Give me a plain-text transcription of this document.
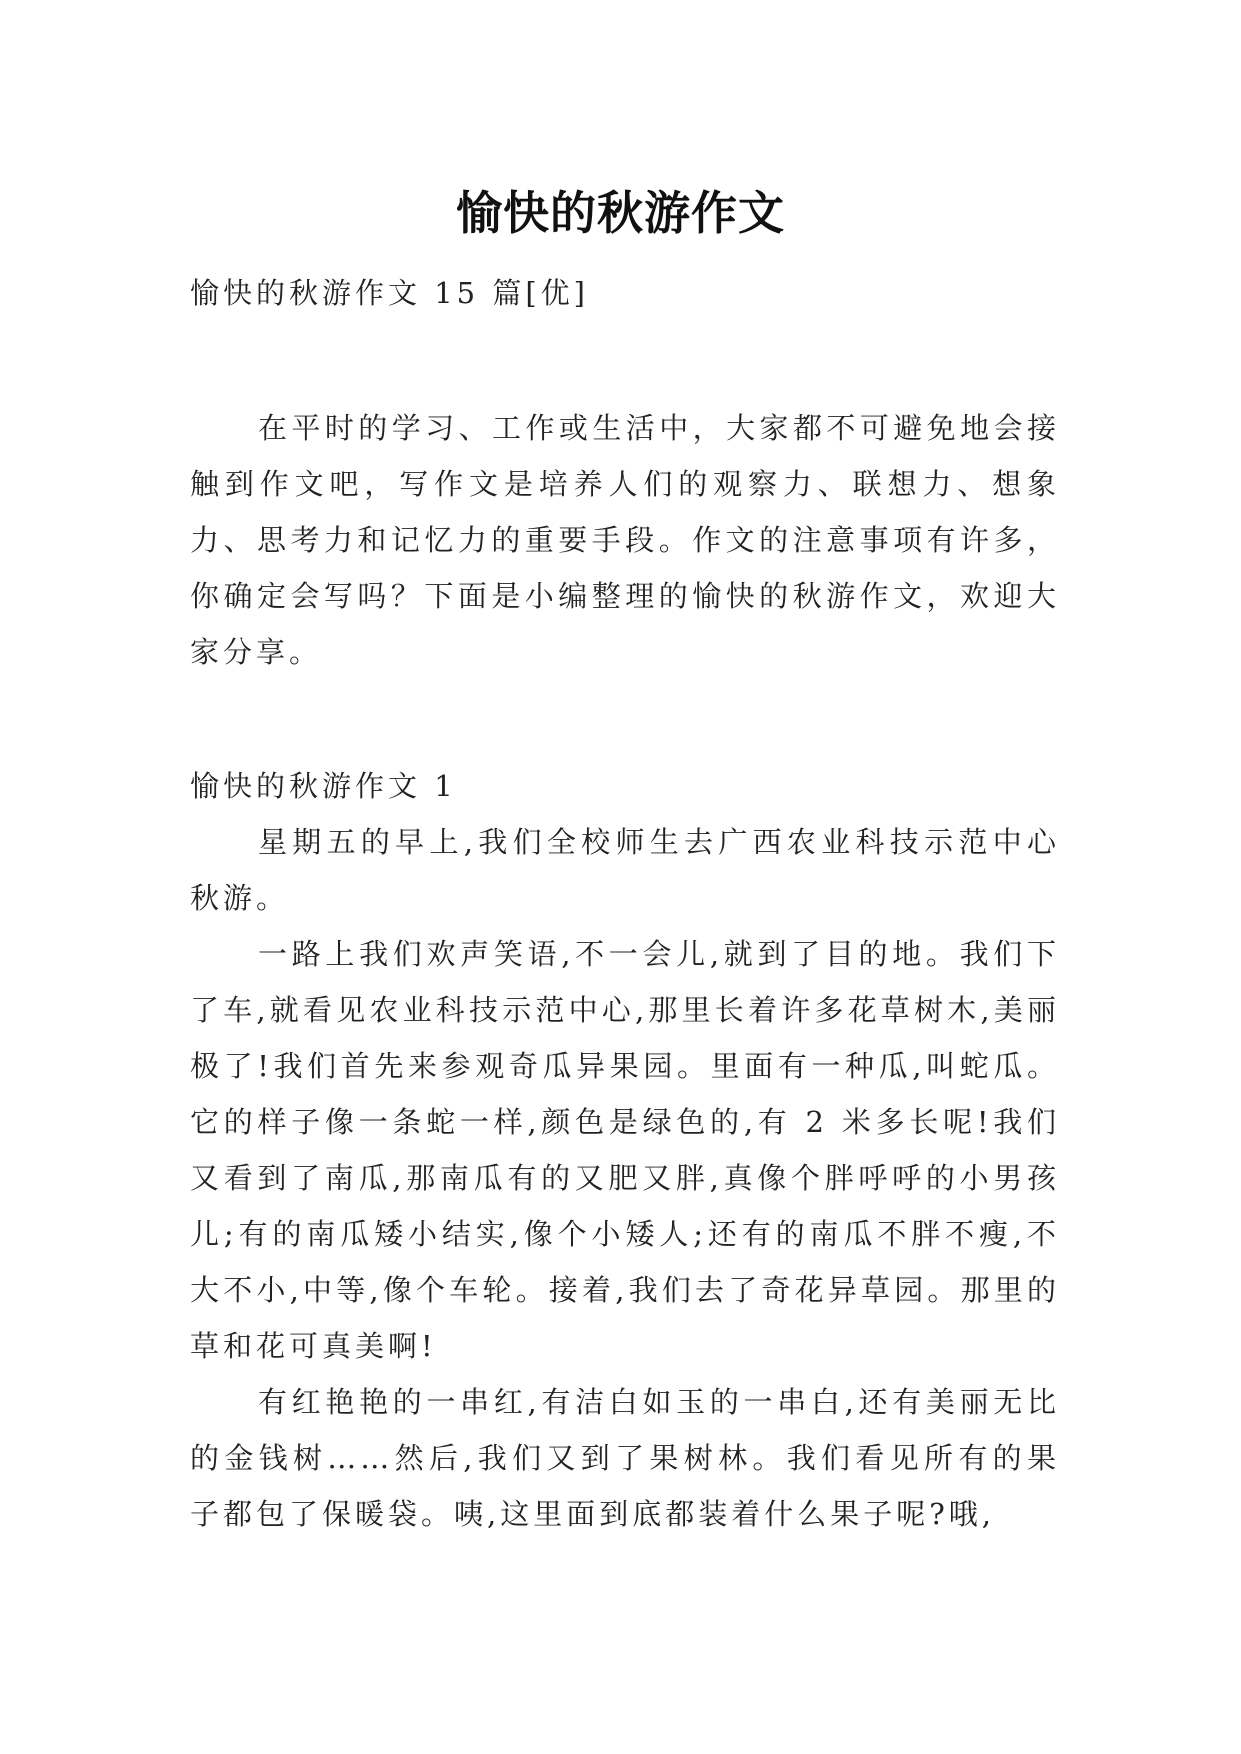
愉快的秋游作文
愉快的秋游作文 15 篇[优]

在平时的学习、工作或生活中，大家都不可避免地会接触到作文吧，写作文是培养人们的观察力、联想力、想象力、思考力和记忆力的重要手段。作文的注意事项有许多，你确定会写吗？下面是小编整理的愉快的秋游作文，欢迎大家分享。

愉快的秋游作文 1

星期五的早上,我们全校师生去广西农业科技示范中心秋游。

一路上我们欢声笑语,不一会儿,就到了目的地。我们下了车,就看见农业科技示范中心,那里长着许多花草树木,美丽极了!我们首先来参观奇瓜异果园。里面有一种瓜,叫蛇瓜。它的样子像一条蛇一样,颜色是绿色的,有 2 米多长呢!我们又看到了南瓜,那南瓜有的又肥又胖,真像个胖呼呼的小男孩儿;有的南瓜矮小结实,像个小矮人;还有的南瓜不胖不瘦,不大不小,中等,像个车轮。接着,我们去了奇花异草园。那里的草和花可真美啊!

有红艳艳的一串红,有洁白如玉的一串白,还有美丽无比的金钱树……然后,我们又到了果树林。我们看见所有的果子都包了保暖袋。咦,这里面到底都装着什么果子呢?哦,
